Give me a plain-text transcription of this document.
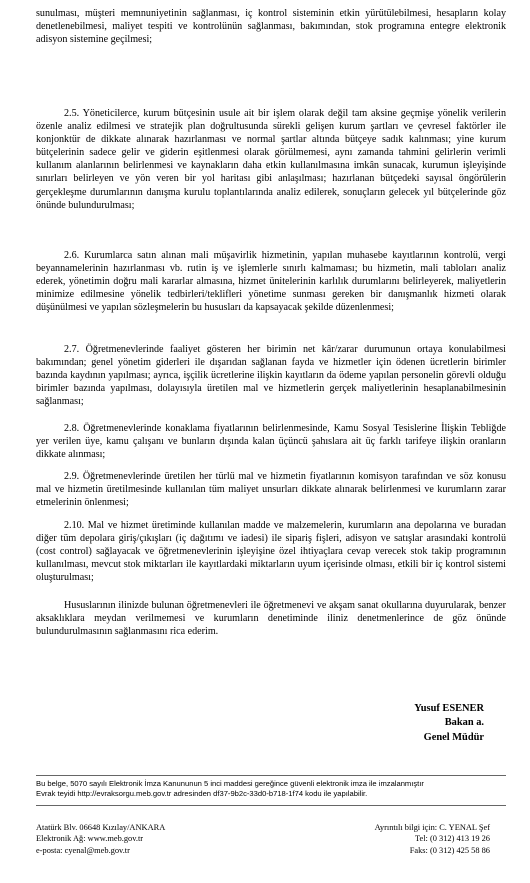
sunulması, müşteri memnuniyetinin sağlanması, iç kontrol sisteminin etkin yürütülebilmesi, hesapların kolay denetlenebilmesi, maliyet tespiti ve kontrolünün sağlanması, bakımından, stok programına entegre elektronik adisyon sistemine geçilmesi;

2.5. Yöneticilerce, kurum bütçesinin usule ait bir işlem olarak değil tam aksine geçmişe yönelik verilerin özenle analiz edilmesi ve stratejik plan doğrultusunda sürekli gelişen kurum şartları ve çevresel faktörler ile konjonktür de dikkate alınarak hazırlanması ve normal şartlar altında bütçeye sadık kalınması; yine kurum bütçelerinin sadece gelir ve giderin eşitlenmesi olarak görülmemesi, aynı zamanda tahmini gelirlerin verimli kullanım alanlarının belirlenmesi ve kaynakların daha etkin kullanılmasına imkân sunacak, kurumun işleyişinde sınırları belirleyen ve yön veren bir yol haritası gibi anlaşılması; hazırlanan bütçedeki sayısal öngörülerin gerçekleşme durumlarının danışma kurulu toplantılarında analiz edilerek, sonuçların gelecek yıl bütçelerinde göz önünde bulundurulması;

2.6. Kurumlarca satın alınan mali müşavirlik hizmetinin, yapılan muhasebe kayıtlarının kontrolü, vergi beyannamelerinin hazırlanması vb. rutin iş ve işlemlerle sınırlı kalmaması; bu hizmetin, mali tabloları analiz ederek, yönetimin doğru mali kararlar almasına, hizmet ünitelerinin karlılık durumlarını belirleyerek, maliyetlerin minimize edilmesine yönelik tedbirleri/teklifleri yönetime sunması gereken bir danışmanlık hizmeti olarak düşünülmesi ve yapılan sözleşmelerin bu hususları da kapsayacak şekilde düzenlenmesi;

2.7. Öğretmenevlerinde faaliyet gösteren her birimin net kâr/zarar durumunun ortaya konulabilmesi bakımından; genel yönetim giderleri ile dışarıdan sağlanan fayda ve hizmetler için ödenen ücretlerin birimler bazında kaydının yapılması; ayrıca, işçilik ücretlerine ilişkin kayıtların da ödeme yapılan personelin görevli olduğu birimler bazında yapılması, dolayısıyla üretilen mal ve hizmetlerin gerçek maliyetlerinin hesaplanabilmesinin sağlanması;

2.8. Öğretmenevlerinde konaklama fiyatlarının belirlenmesinde, Kamu Sosyal Tesislerine İlişkin Tebliğde yer verilen üye, kamu çalışanı ve bunların dışında kalan üçüncü şahıslara ait üç farklı tarifeye ilişkin oranların dikkate alınması;

2.9. Öğretmenevlerinde üretilen her türlü mal ve hizmetin fiyatlarının komisyon tarafından ve söz konusu mal ve hizmetin üretilmesinde kullanılan tüm maliyet unsurları dikkate alınarak belirlenmesi ve kurumların zarar etmelerinin önlenmesi;

2.10. Mal ve hizmet üretiminde kullanılan madde ve malzemelerin, kurumların ana depolarına ve buradan diğer tüm depolara giriş/çıkışları (iç dağıtımı ve iadesi) ile sipariş fişleri, adisyon ve satışlar arasındaki kontrolü (cost control) sağlayacak ve öğretmenevlerinin işleyişine özel ihtiyaçlara cevap verecek stok takip programının kullanılması, mevcut stok miktarları ile kayıtlardaki miktarların uyum içerisinde olması, etkili bir iç kontrol sistemi oluşturulması;

Hususlarının ilinizde bulunan öğretmenevleri ile öğretmenevi ve akşam sanat okullarına duyurularak, benzer aksaklıklara meydan verilmemesi ve kurumların denetiminde iliniz denetmenlerince de göz önünde bulundurulmasının sağlanmasını rica ederim.

Yusuf ESENER
Bakan a.
Genel Müdür
Bu belge, 5070 sayılı Elektronik İmza Kanununun 5 inci maddesi gereğince güvenli elektronik imza ile imzalanmıştır
Evrak teyidi http://evraksorgu.meb.gov.tr adresinden df37-9b2c-33d0-b718-1f74 kodu ile yapılabilir.
Atatürk Blv. 06648 Kızılay/ANKARA
Elektronik Ağ: www.meb.gov.tr
e-posta: cyenal@meb.gov.tr
Ayrıntılı bilgi için: C. YENAL Şef
Tel: (0 312) 413 19 26
Faks: (0 312) 425 58 86
